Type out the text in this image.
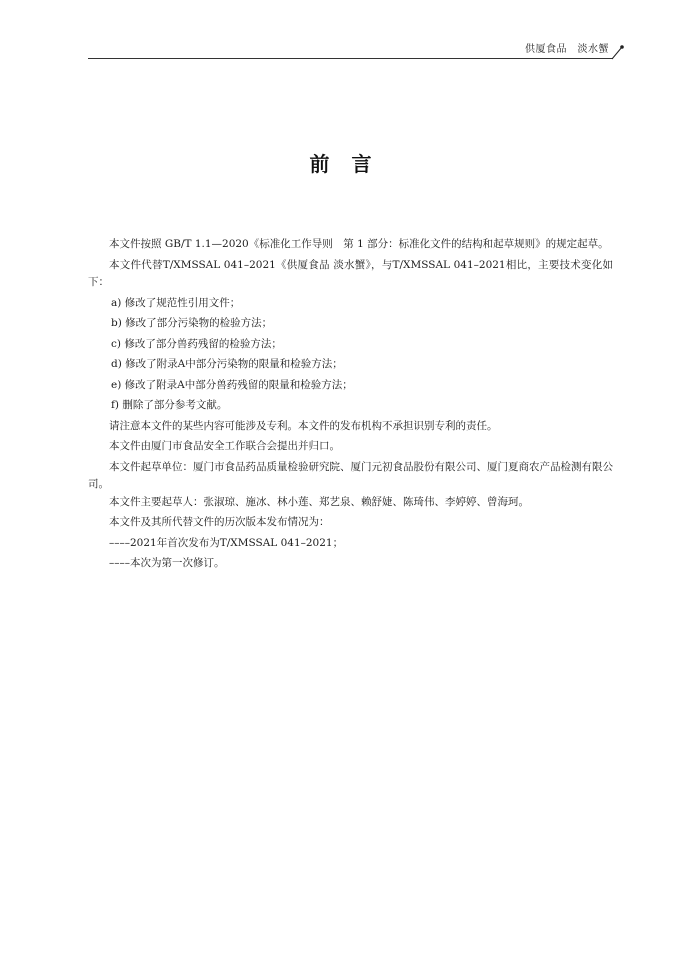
供厦食品　淡水蟹
前言

本文件按照 GB/T 1.1—2020《标准化工作导则　第 1 部分：标准化文件的结构和起草规则》的规定起草。

本文件代替T/XMSSAL 041–2021《供厦食品 淡水蟹》，与T/XMSSAL 041–2021相比，主要技术变化如下：

a) 修改了规范性引用文件；
b) 修改了部分污染物的检验方法；
c) 修改了部分兽药残留的检验方法；
d) 修改了附录A中部分污染物的限量和检验方法；
e) 修改了附录A中部分兽药残留的限量和检验方法；
f) 删除了部分参考文献。

请注意本文件的某些内容可能涉及专利。本文件的发布机构不承担识别专利的责任。

本文件由厦门市食品安全工作联合会提出并归口。

本文件起草单位：厦门市食品药品质量检验研究院、厦门元初食品股份有限公司、厦门夏商农产品检测有限公司。

本文件主要起草人：张淑琼、施冰、林小莲、郑艺泉、赖舒婕、陈琦伟、李婷婷、曾海珂。

本文件及其所代替文件的历次版本发布情况为：

––––2021年首次发布为T/XMSSAL 041–2021；

––––本次为第一次修订。
